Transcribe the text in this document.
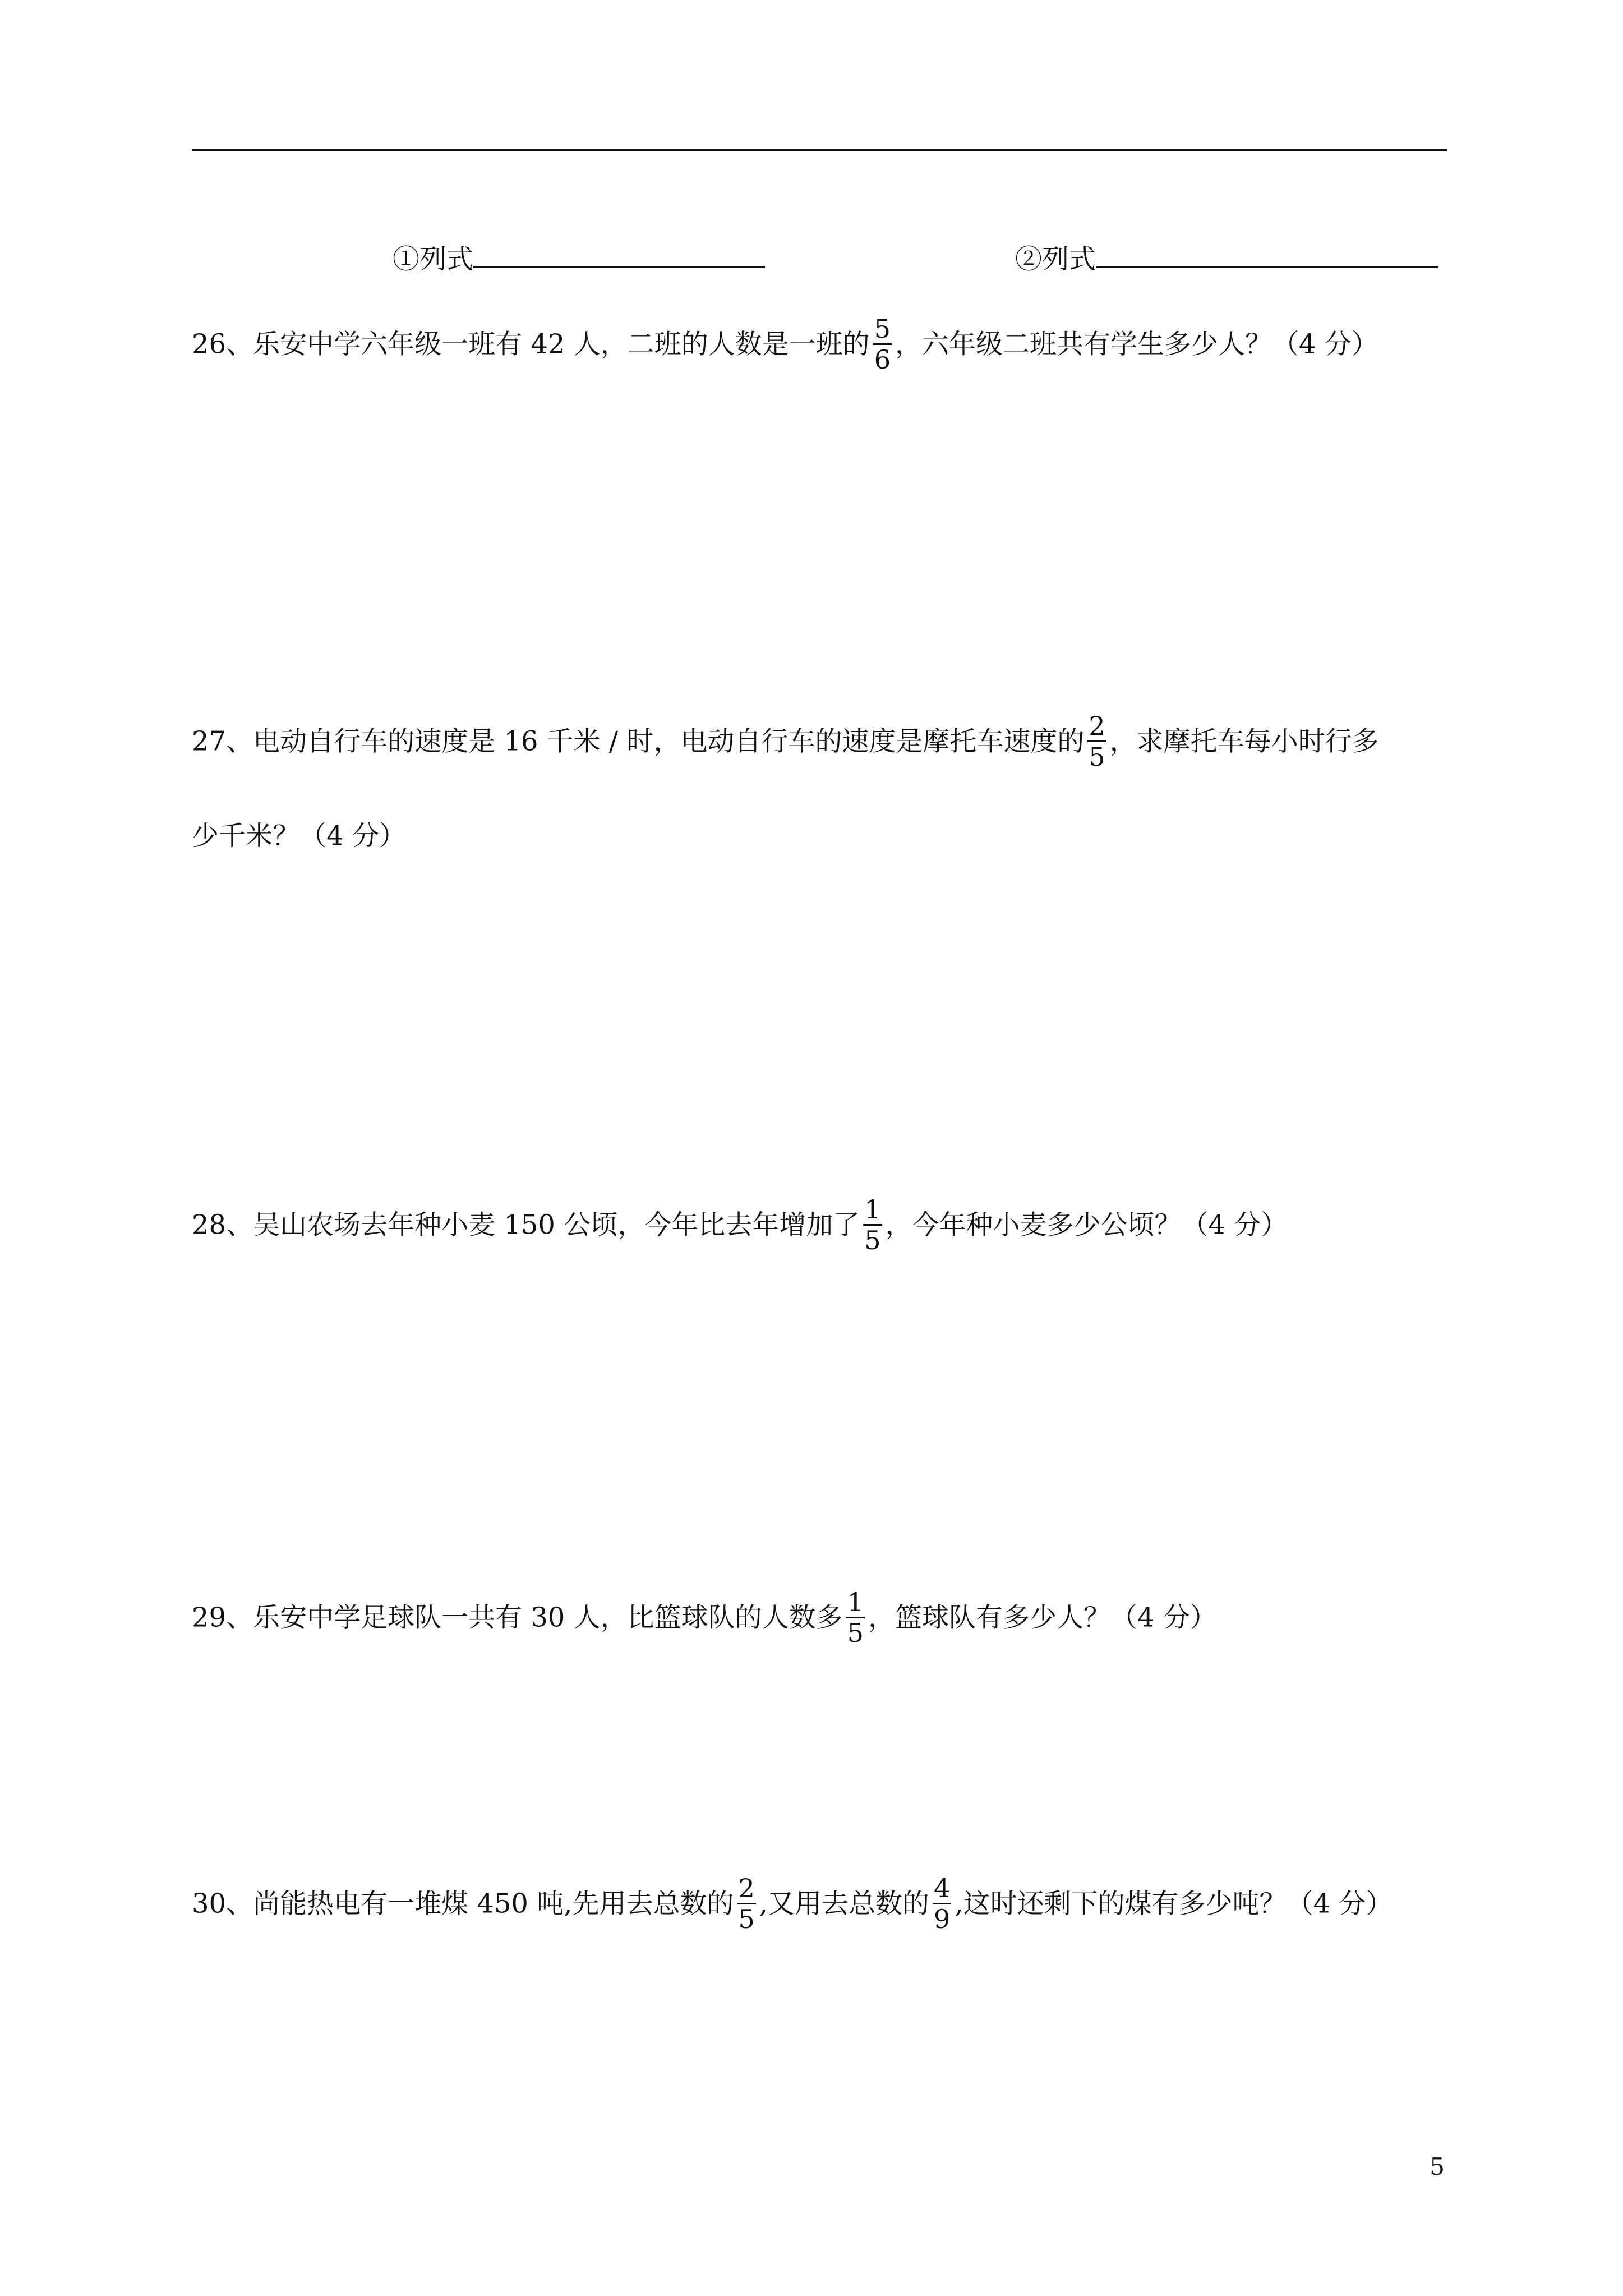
①列式	②列式
26、乐安中学六年级一班有 42 人，二班的人数是一班的 $\frac{5}{6}$ ，六年级二班共有学生多少人？（4 分）
27、电动自行车的速度是 16 千米 / 时，电动自行车的速度是摩托车速度的 $\frac{2}{5}$ ，求摩托车每小时行多
少千米？（4 分）
28、吴山农场去年种小麦 150 公顷，今年比去年增加了 $\frac{1}{5}$ ，今年种小麦多少公顷？（4 分）
29、乐安中学足球队一共有 30 人，比篮球队的人数多 $\frac{1}{5}$ ，篮球队有多少人？（4 分）
30、尚能热电有一堆煤 450 吨,先用去总数的 $\frac{2}{5}$ ,又用去总数的 $\frac{4}{9}$ ,这时还剩下的煤有多少吨？（4 分）
5
